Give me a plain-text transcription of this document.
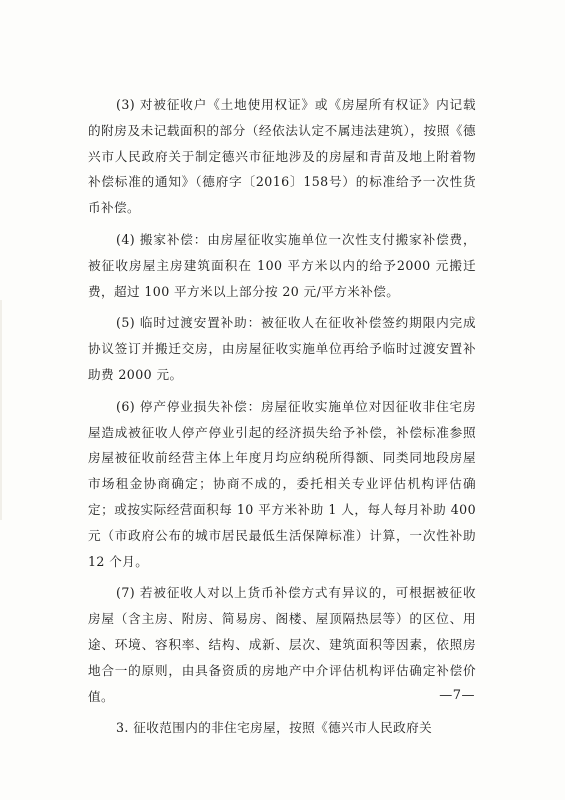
(3) 对被征收户《土地使用权证》或《房屋所有权证》内记载的附房及未记载面积的部分（经依法认定不属违法建筑），按照《德兴市人民政府关于制定德兴市征地涉及的房屋和青苗及地上附着物补偿标准的通知》（德府字〔2016〕158号）的标准给予一次性货币补偿。

(4) 搬家补偿：由房屋征收实施单位一次性支付搬家补偿费，被征收房屋主房建筑面积在 100 平方米以内的给予2000 元搬迁费，超过 100 平方米以上部分按 20 元/平方米补偿。

(5) 临时过渡安置补助：被征收人在征收补偿签约期限内完成协议签订并搬迁交房，由房屋征收实施单位再给予临时过渡安置补助费 2000 元。

(6) 停产停业损失补偿：房屋征收实施单位对因征收非住宅房屋造成被征收人停产停业引起的经济损失给予补偿，补偿标准参照房屋被征收前经营主体上年度月均应纳税所得额、同类同地段房屋市场租金协商确定；协商不成的，委托相关专业评估机构评估确定；或按实际经营面积每 10 平方米补助 1 人，每人每月补助 400 元（市政府公布的城市居民最低生活保障标准）计算，一次性补助 12 个月。

(7) 若被征收人对以上货币补偿方式有异议的，可根据被征收房屋（含主房、附房、简易房、阁楼、屋顶隔热层等）的区位、用途、环境、容积率、结构、成新、层次、建筑面积等因素，依照房地合一的原则，由具备资质的房地产中介评估机构评估确定补偿价值。

3. 征收范围内的非住宅房屋，按照《德兴市人民政府关

—7—
